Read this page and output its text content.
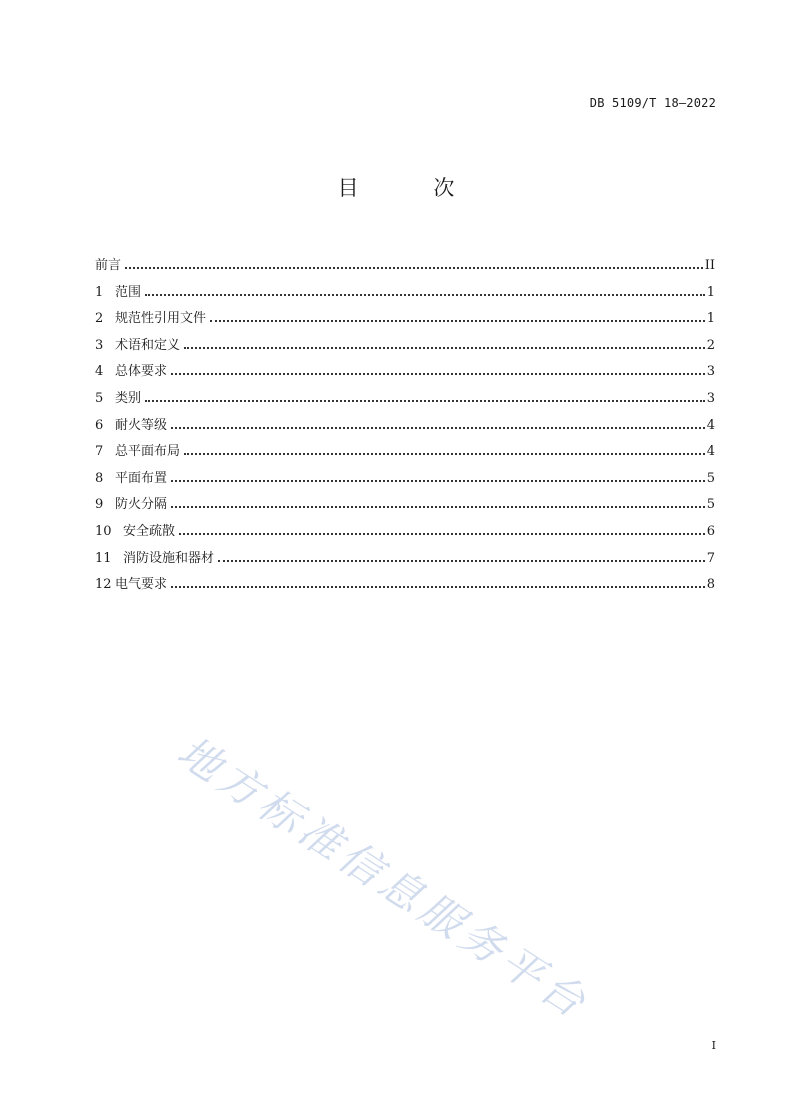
DB 5109/T 18—2022
目 次
前言	II
1 范围	1
2 规范性引用文件	1
3 术语和定义	2
4 总体要求	3
5 类别	3
6 耐火等级	4
7 总平面布局	4
8 平面布置	5
9 防火分隔	5
10 安全疏散	6
11 消防设施和器材	7
12 电气要求	8
地方标准信息服务平台
I
